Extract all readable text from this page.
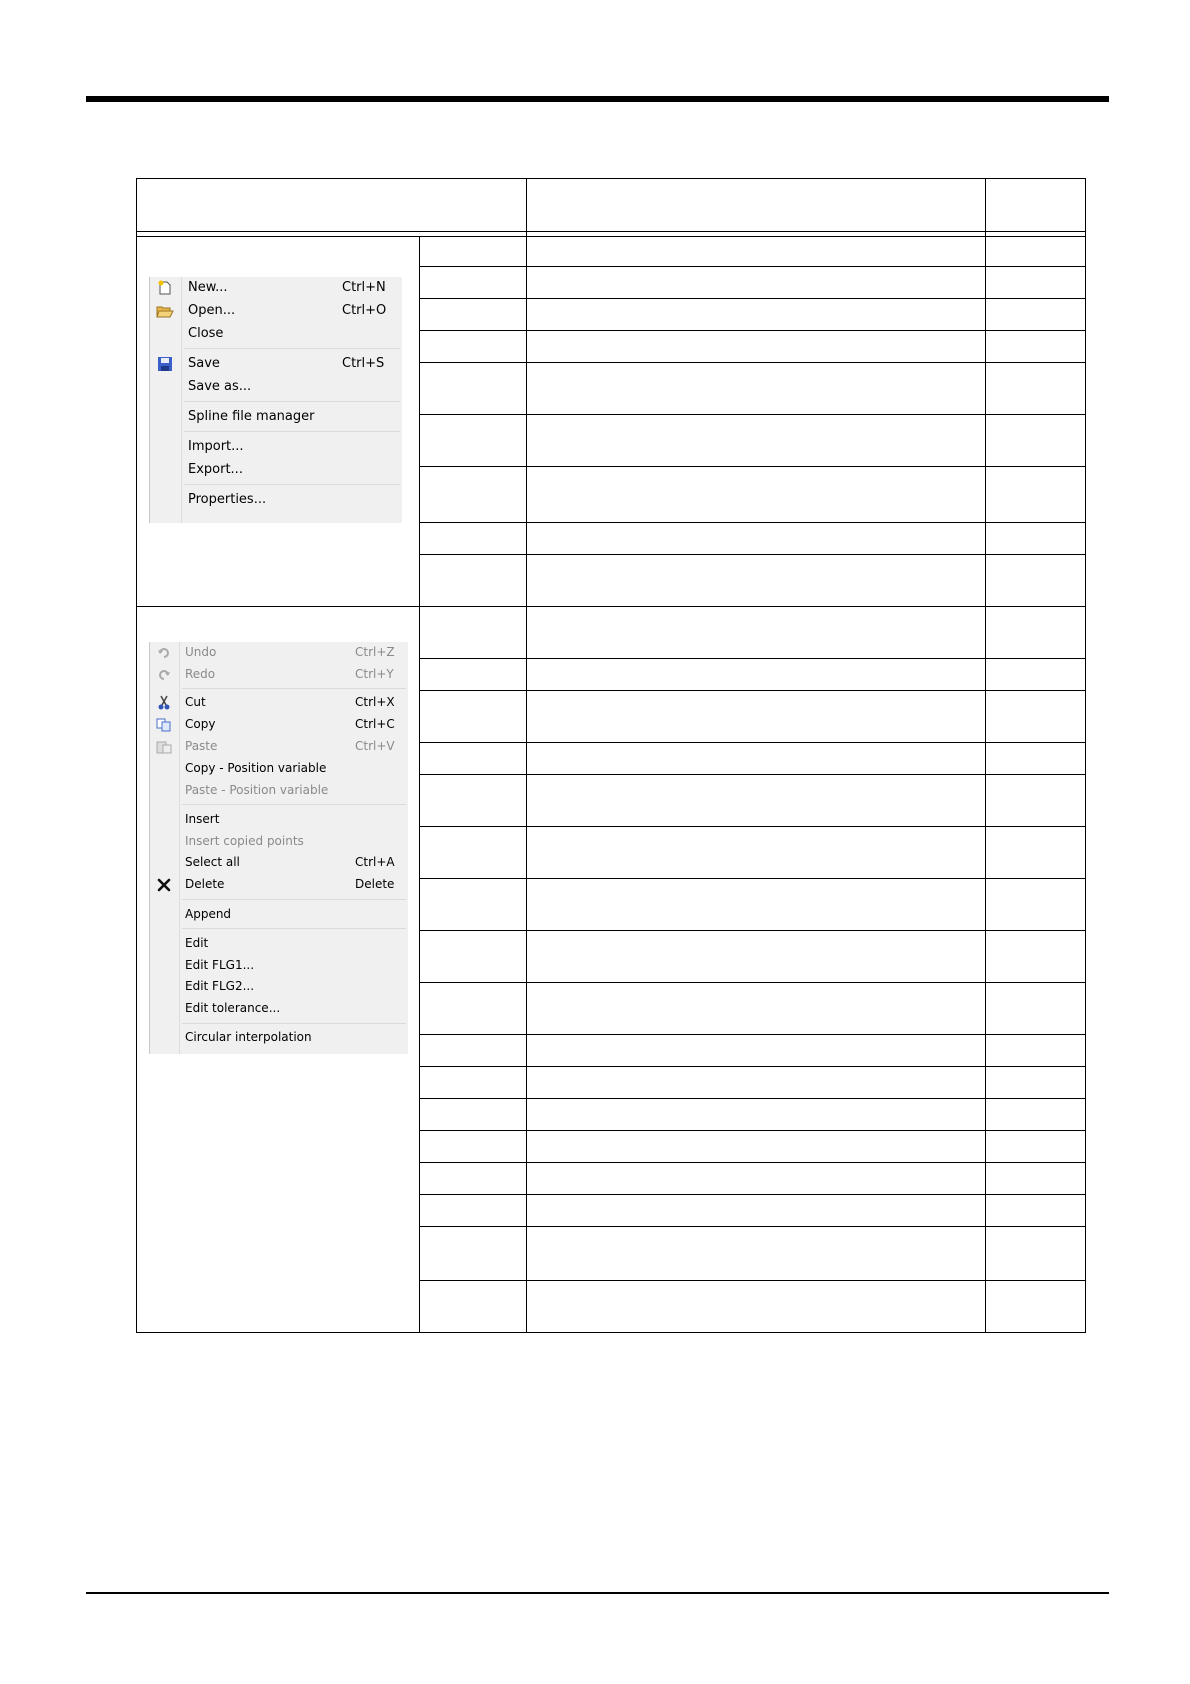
New...	Ctrl+N
Open...	Ctrl+O
Close
Save	Ctrl+S
Save as...
Spline file manager
Import...
Export...
Properties...
Undo	Ctrl+Z
Redo	Ctrl+Y
Cut	Ctrl+X
Copy	Ctrl+C
Paste	Ctrl+V
Copy - Position variable
Paste - Position variable
Insert
Insert copied points
Select all	Ctrl+A
Delete	Delete
Append
Edit
Edit FLG1...
Edit FLG2...
Edit tolerance...
Circular interpolation
